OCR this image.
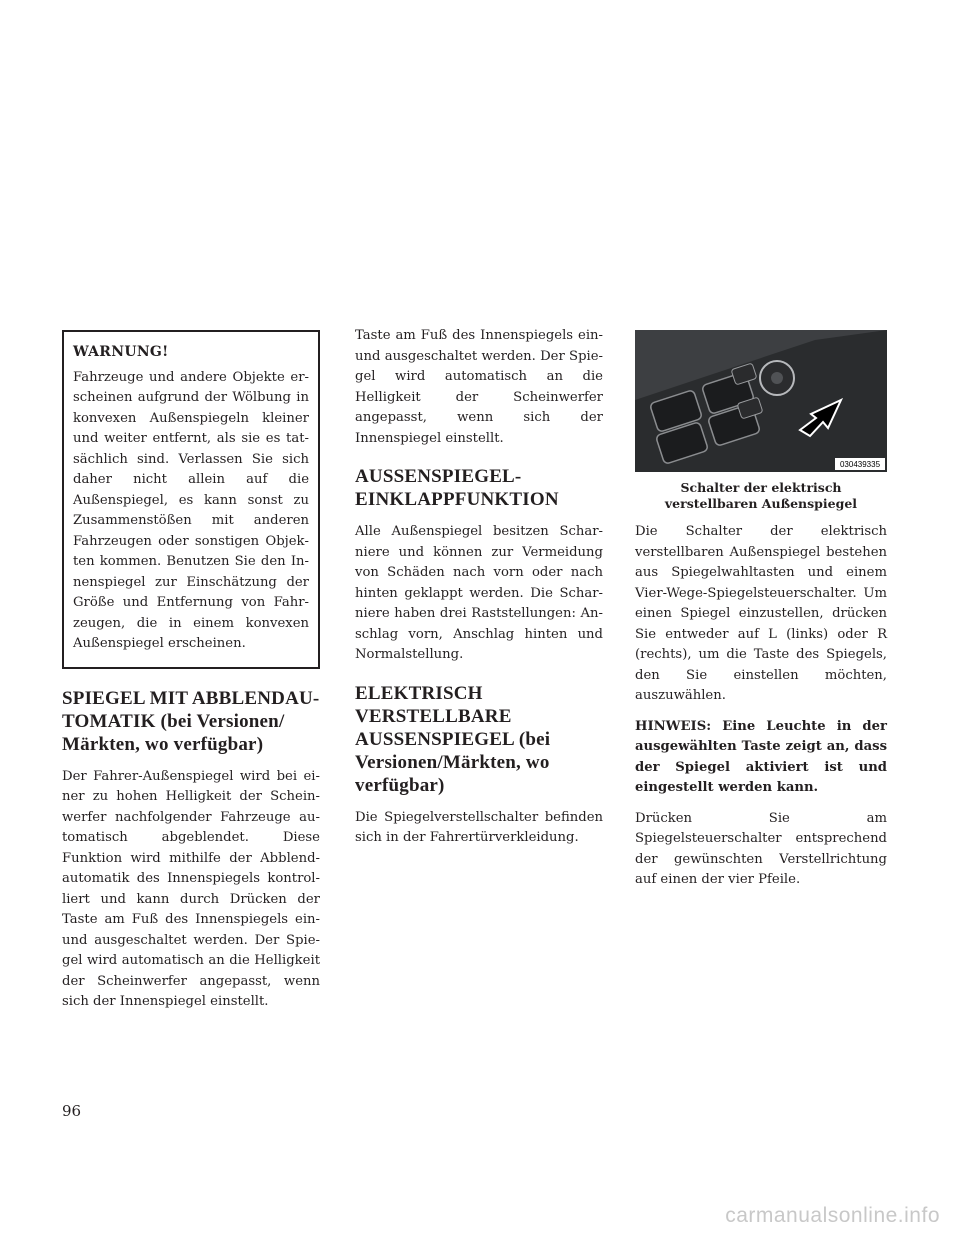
WARNUNG!
Fahrzeuge und andere Objekte erscheinen aufgrund der Wölbung in konvexen Außenspiegeln kleiner und weiter entfernt, als sie es tatsächlich sind. Verlassen Sie sich daher nicht allein auf die Außenspiegel, es kann sonst zu Zusammenstößen mit anderen Fahrzeugen oder sonstigen Objekten kommen. Benutzen Sie den Innenspiegel zur Einschätzung der Größe und Entfernung von Fahrzeugen, die in einem konvexen Außenspiegel erscheinen.
SPIEGEL MIT ABBLENDAU- TOMATIK (bei Versionen/ Märkten, wo verfügbar)
Der Fahrer-Außenspiegel wird bei einer zu hohen Helligkeit der Scheinwerfer nachfolgender Fahrzeuge automatisch abgeblendet. Diese Funktion wird mithilfe der Abblendautomatik des Innenspiegels kontrolliert und kann durch Drücken der Taste am Fuß des Innenspiegels ein- und ausgeschaltet werden. Der Spiegel wird automatisch an die Helligkeit der Scheinwerfer angepasst, wenn sich der Innenspiegel einstellt.
Taste am Fuß des Innenspiegels ein- und ausgeschaltet werden. Der Spiegel wird automatisch an die Helligkeit der Scheinwerfer angepasst, wenn sich der Innenspiegel einstellt.
AUSSENSPIEGEL- EINKLAPPFUNKTION
Alle Außenspiegel besitzen Scharniere und können zur Vermeidung von Schäden nach vorn oder nach hinten geklappt werden. Die Scharniere haben drei Raststellungen: Anschlag vorn, Anschlag hinten und Normalstellung.
ELEKTRISCH VERSTELLBARE AUSSENSPIEGEL (bei Versionen/Märkten, wo verfügbar)
Die Spiegelverstellschalter befinden sich in der Fahrertürverkleidung.
030439335
Schalter der elektrisch verstellbaren Außenspiegel
Die Schalter der elektrisch verstellbaren Außenspiegel bestehen aus Spiegelwahltasten und einem Vier-Wege-Spiegelsteuerschalter. Um einen Spiegel einzustellen, drücken Sie entweder auf L (links) oder R (rechts), um die Taste des Spiegels, den Sie einstellen möchten, auszuwählen.
HINWEIS: Eine Leuchte in der ausgewählten Taste zeigt an, dass der Spiegel aktiviert ist und eingestellt werden kann.
Drücken Sie am Spiegelsteuerschalter entsprechend der gewünschten Verstellrichtung auf einen der vier Pfeile.
96
carmanualsonline.info
